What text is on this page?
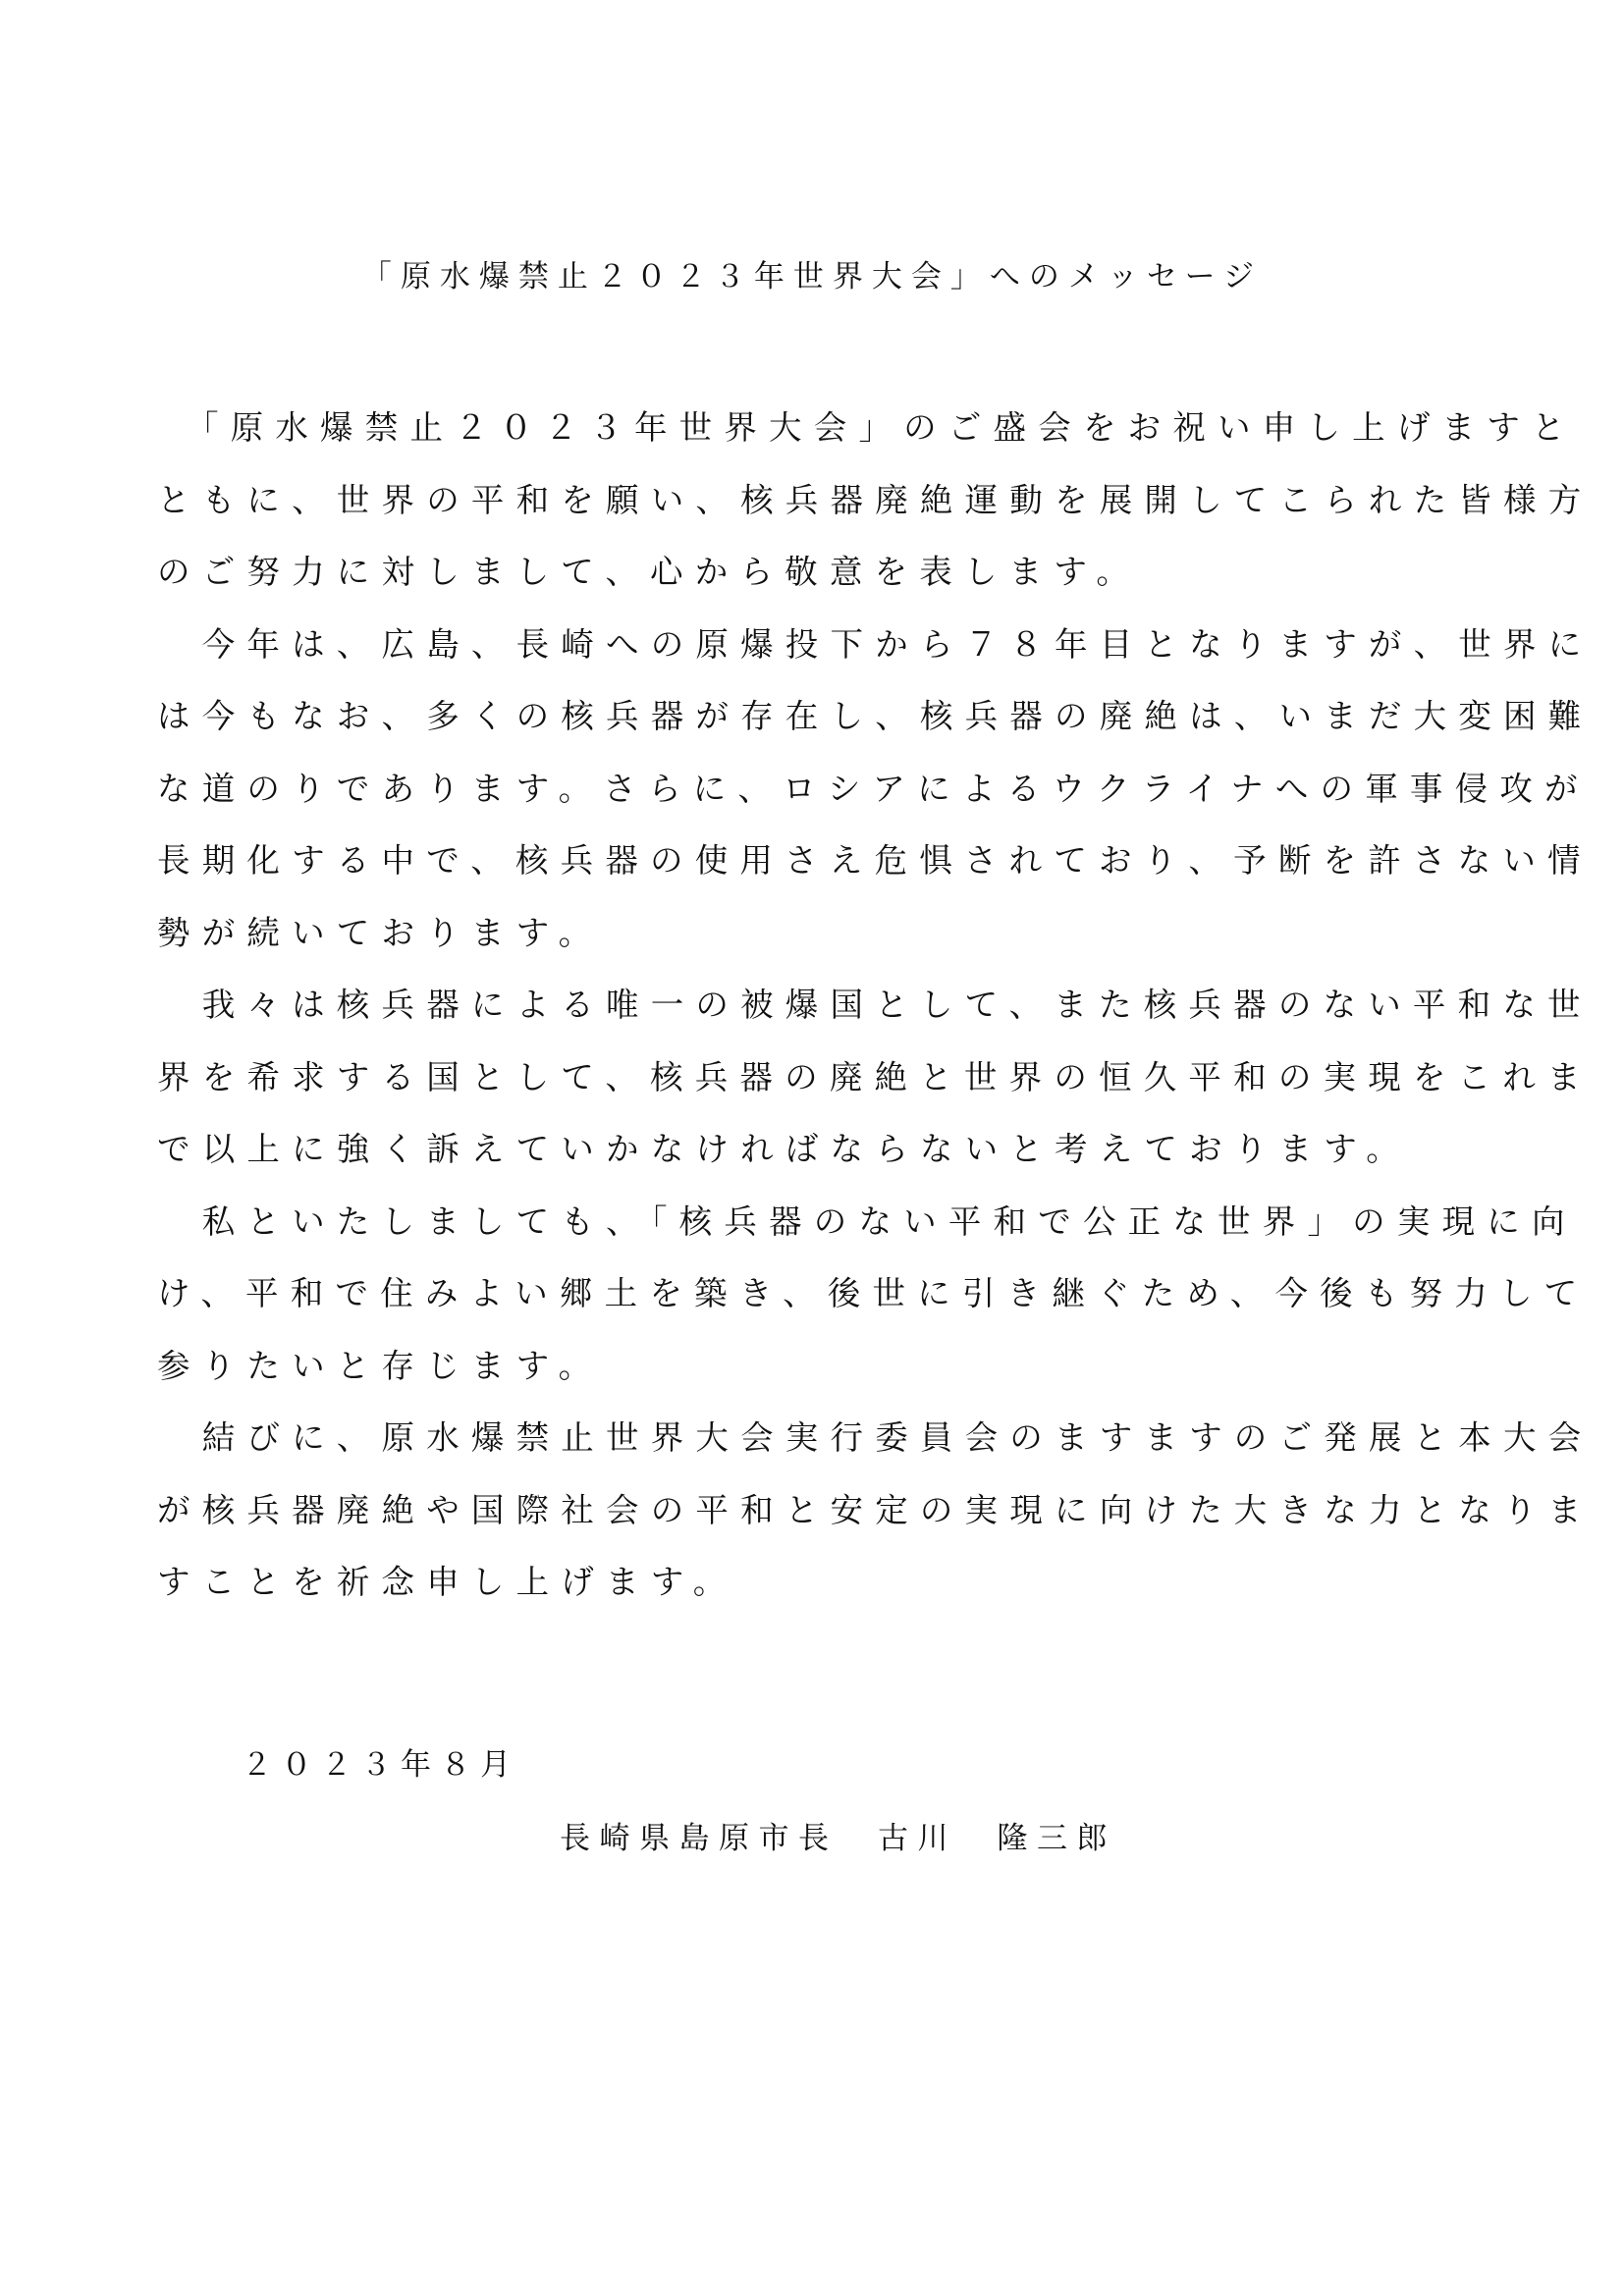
「原水爆禁止２０２３年世界大会」へのメッセージ
　「原水爆禁止２０２３年世界大会」のご盛会をお祝い申し上げますと
ともに、世界の平和を願い、核兵器廃絶運動を展開してこられた皆様方
のご努力に対しまして、心から敬意を表します。
　今年は、広島、長崎への原爆投下から７８年目となりますが、世界に
は今もなお、多くの核兵器が存在し、核兵器の廃絶は、いまだ大変困難
な道のりであります。さらに、ロシアによるウクライナへの軍事侵攻が
長期化する中で、核兵器の使用さえ危惧されており、予断を許さない情
勢が続いております。
　我々は核兵器による唯一の被爆国として、また核兵器のない平和な世
界を希求する国として、核兵器の廃絶と世界の恒久平和の実現をこれま
で以上に強く訴えていかなければならないと考えております。
　私といたしましても、「核兵器のない平和で公正な世界」の実現に向
け、平和で住みよい郷土を築き、後世に引き継ぐため、今後も努力して
参りたいと存じます。
　結びに、原水爆禁止世界大会実行委員会のますますのご発展と本大会
が核兵器廃絶や国際社会の平和と安定の実現に向けた大きな力となりま
すことを祈念申し上げます。
２０２３年８月
長崎県島原市長　古川　隆三郎
